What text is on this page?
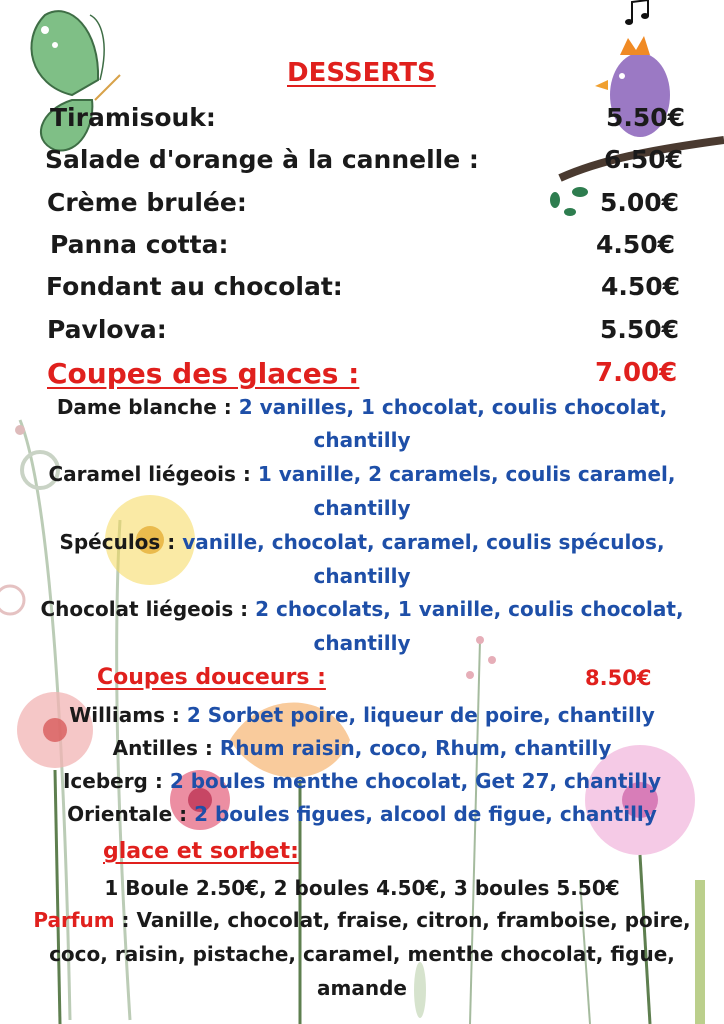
DESSERTS
Tiramisouk:	5.50€
Salade d'orange à la cannelle :	6.50€
Crème brulée:	5.00€
Panna cotta:	4.50€
Fondant au chocolat:	4.50€
Pavlova:	5.50€
Coupes des glaces :	7.00€
Dame blanche : 2 vanilles, 1 chocolat, coulis chocolat,
chantilly
Caramel liégeois : 1 vanille, 2 caramels, coulis caramel,
chantilly
Spéculos : vanille, chocolat, caramel, coulis spéculos,
chantilly
Chocolat liégeois : 2 chocolats, 1 vanille, coulis chocolat,
chantilly
Coupes douceurs :	8.50€
Williams : 2 Sorbet poire, liqueur de poire, chantilly
Antilles : Rhum raisin, coco, Rhum, chantilly
Iceberg : 2 boules menthe chocolat, Get 27, chantilly
Orientale : 2 boules figues, alcool de figue, chantilly
glace et sorbet:
1 Boule 2.50€, 2 boules 4.50€, 3 boules 5.50€
Parfum : Vanille, chocolat, fraise, citron, framboise, poire,
coco, raisin, pistache, caramel, menthe chocolat, figue,
amande
